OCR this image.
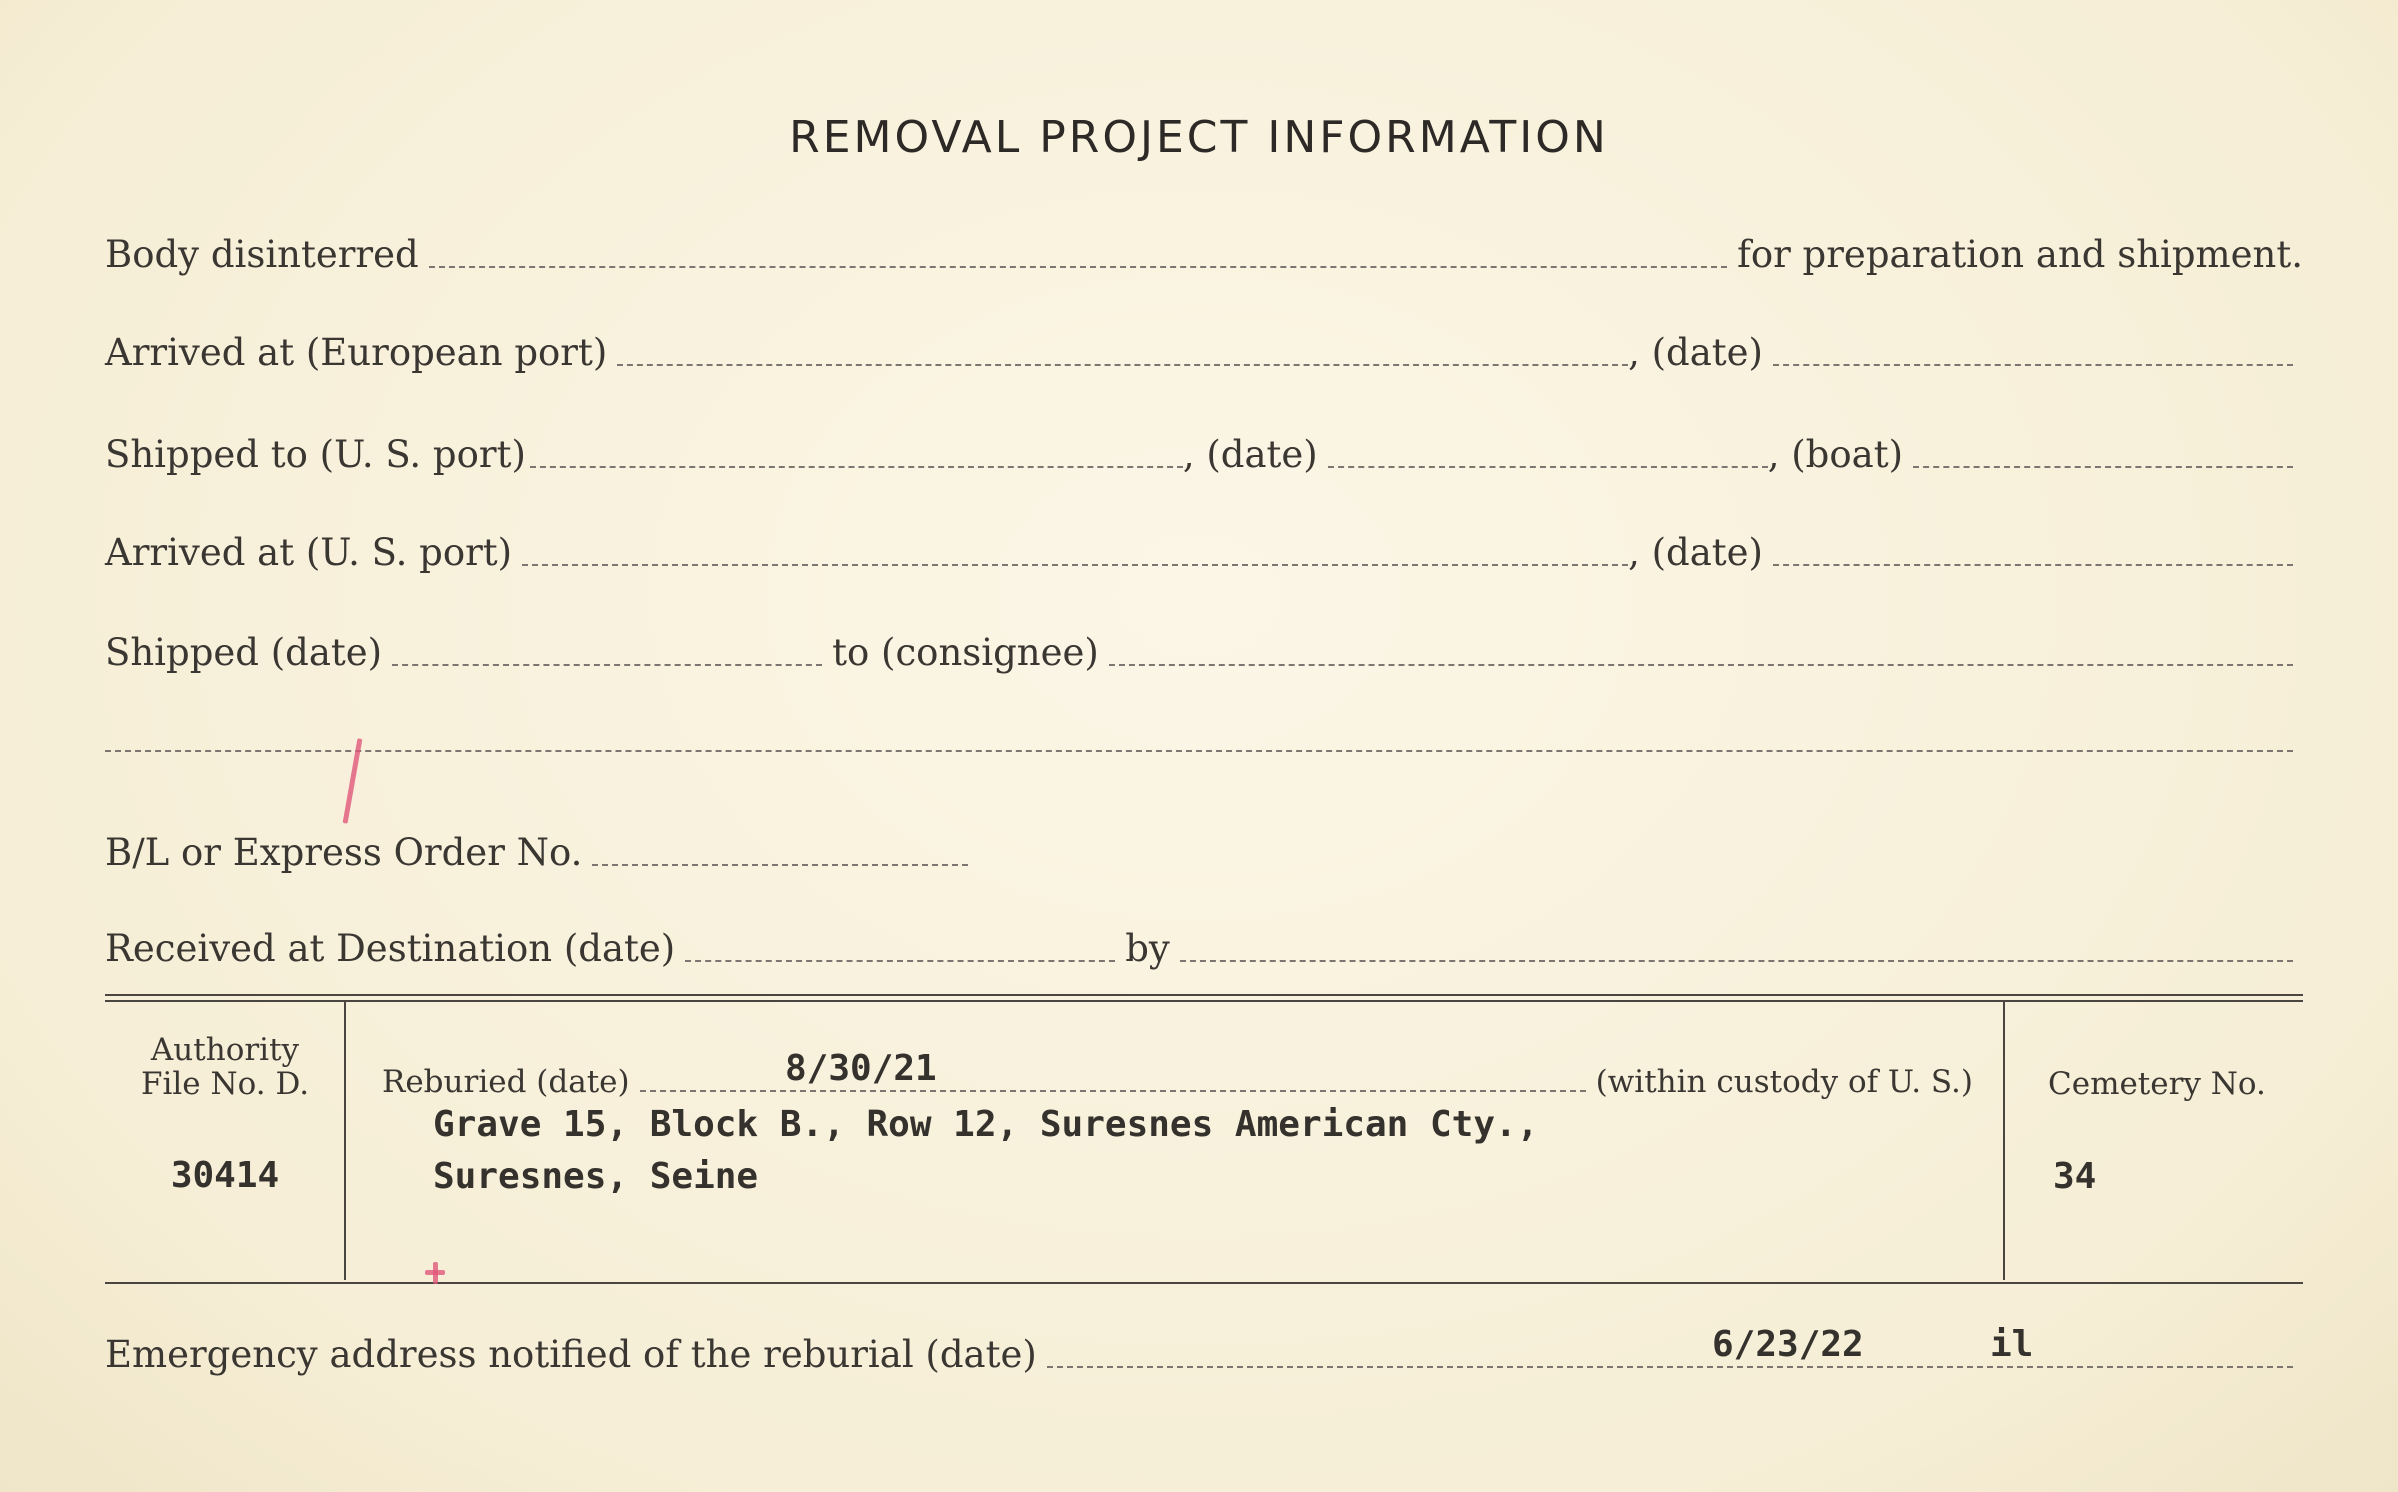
REMOVAL PROJECT INFORMATION
Body disinterred	for preparation and shipment.
Arrived at (European port)	, (date)
Shipped to (U. S. port)	, (date)	, (boat)
Arrived at (U. S. port)	, (date)
Shipped (date)	to (consignee)
B/L or Express Order No.
Received at Destination (date)	by
Authority
File No. D.
30414
Reburied (date)	(within custody of U. S.)
8/30/21
Grave 15, Block B., Row 12, Suresnes American Cty.,
Suresnes, Seine
Cemetery No.
34
Emergency address notified of the reburial (date)	6/23/22	il
